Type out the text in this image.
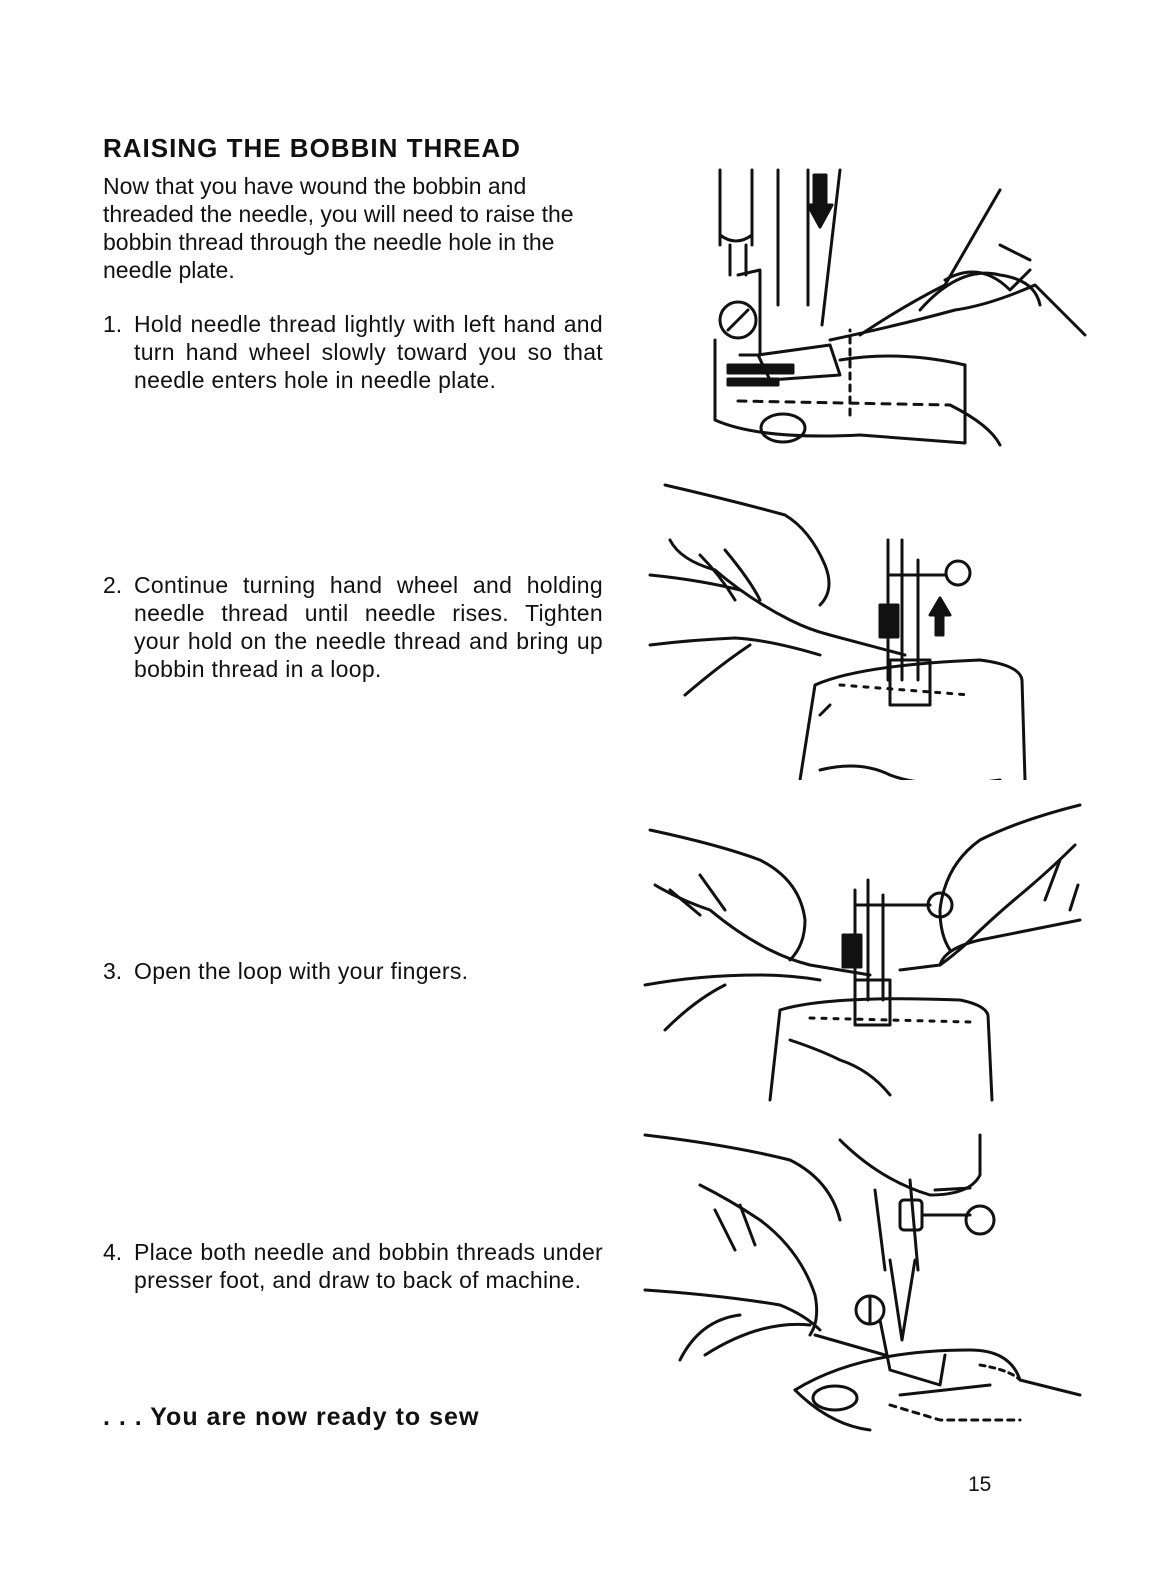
RAISING THE BOBBIN THREAD
Now that you have wound the bobbin and threaded the needle, you will need to raise the bobbin thread through the needle hole in the needle plate.
1. Hold needle thread lightly with left hand and turn hand wheel slowly toward you so that needle enters hole in needle plate.
2. Continue turning hand wheel and holding needle thread until needle rises. Tighten your hold on the needle thread and bring up bobbin thread in a loop.
3. Open the loop with your fingers.
4. Place both needle and bobbin threads under presser foot, and draw to back of machine.
. . . You are now ready to sew
15
